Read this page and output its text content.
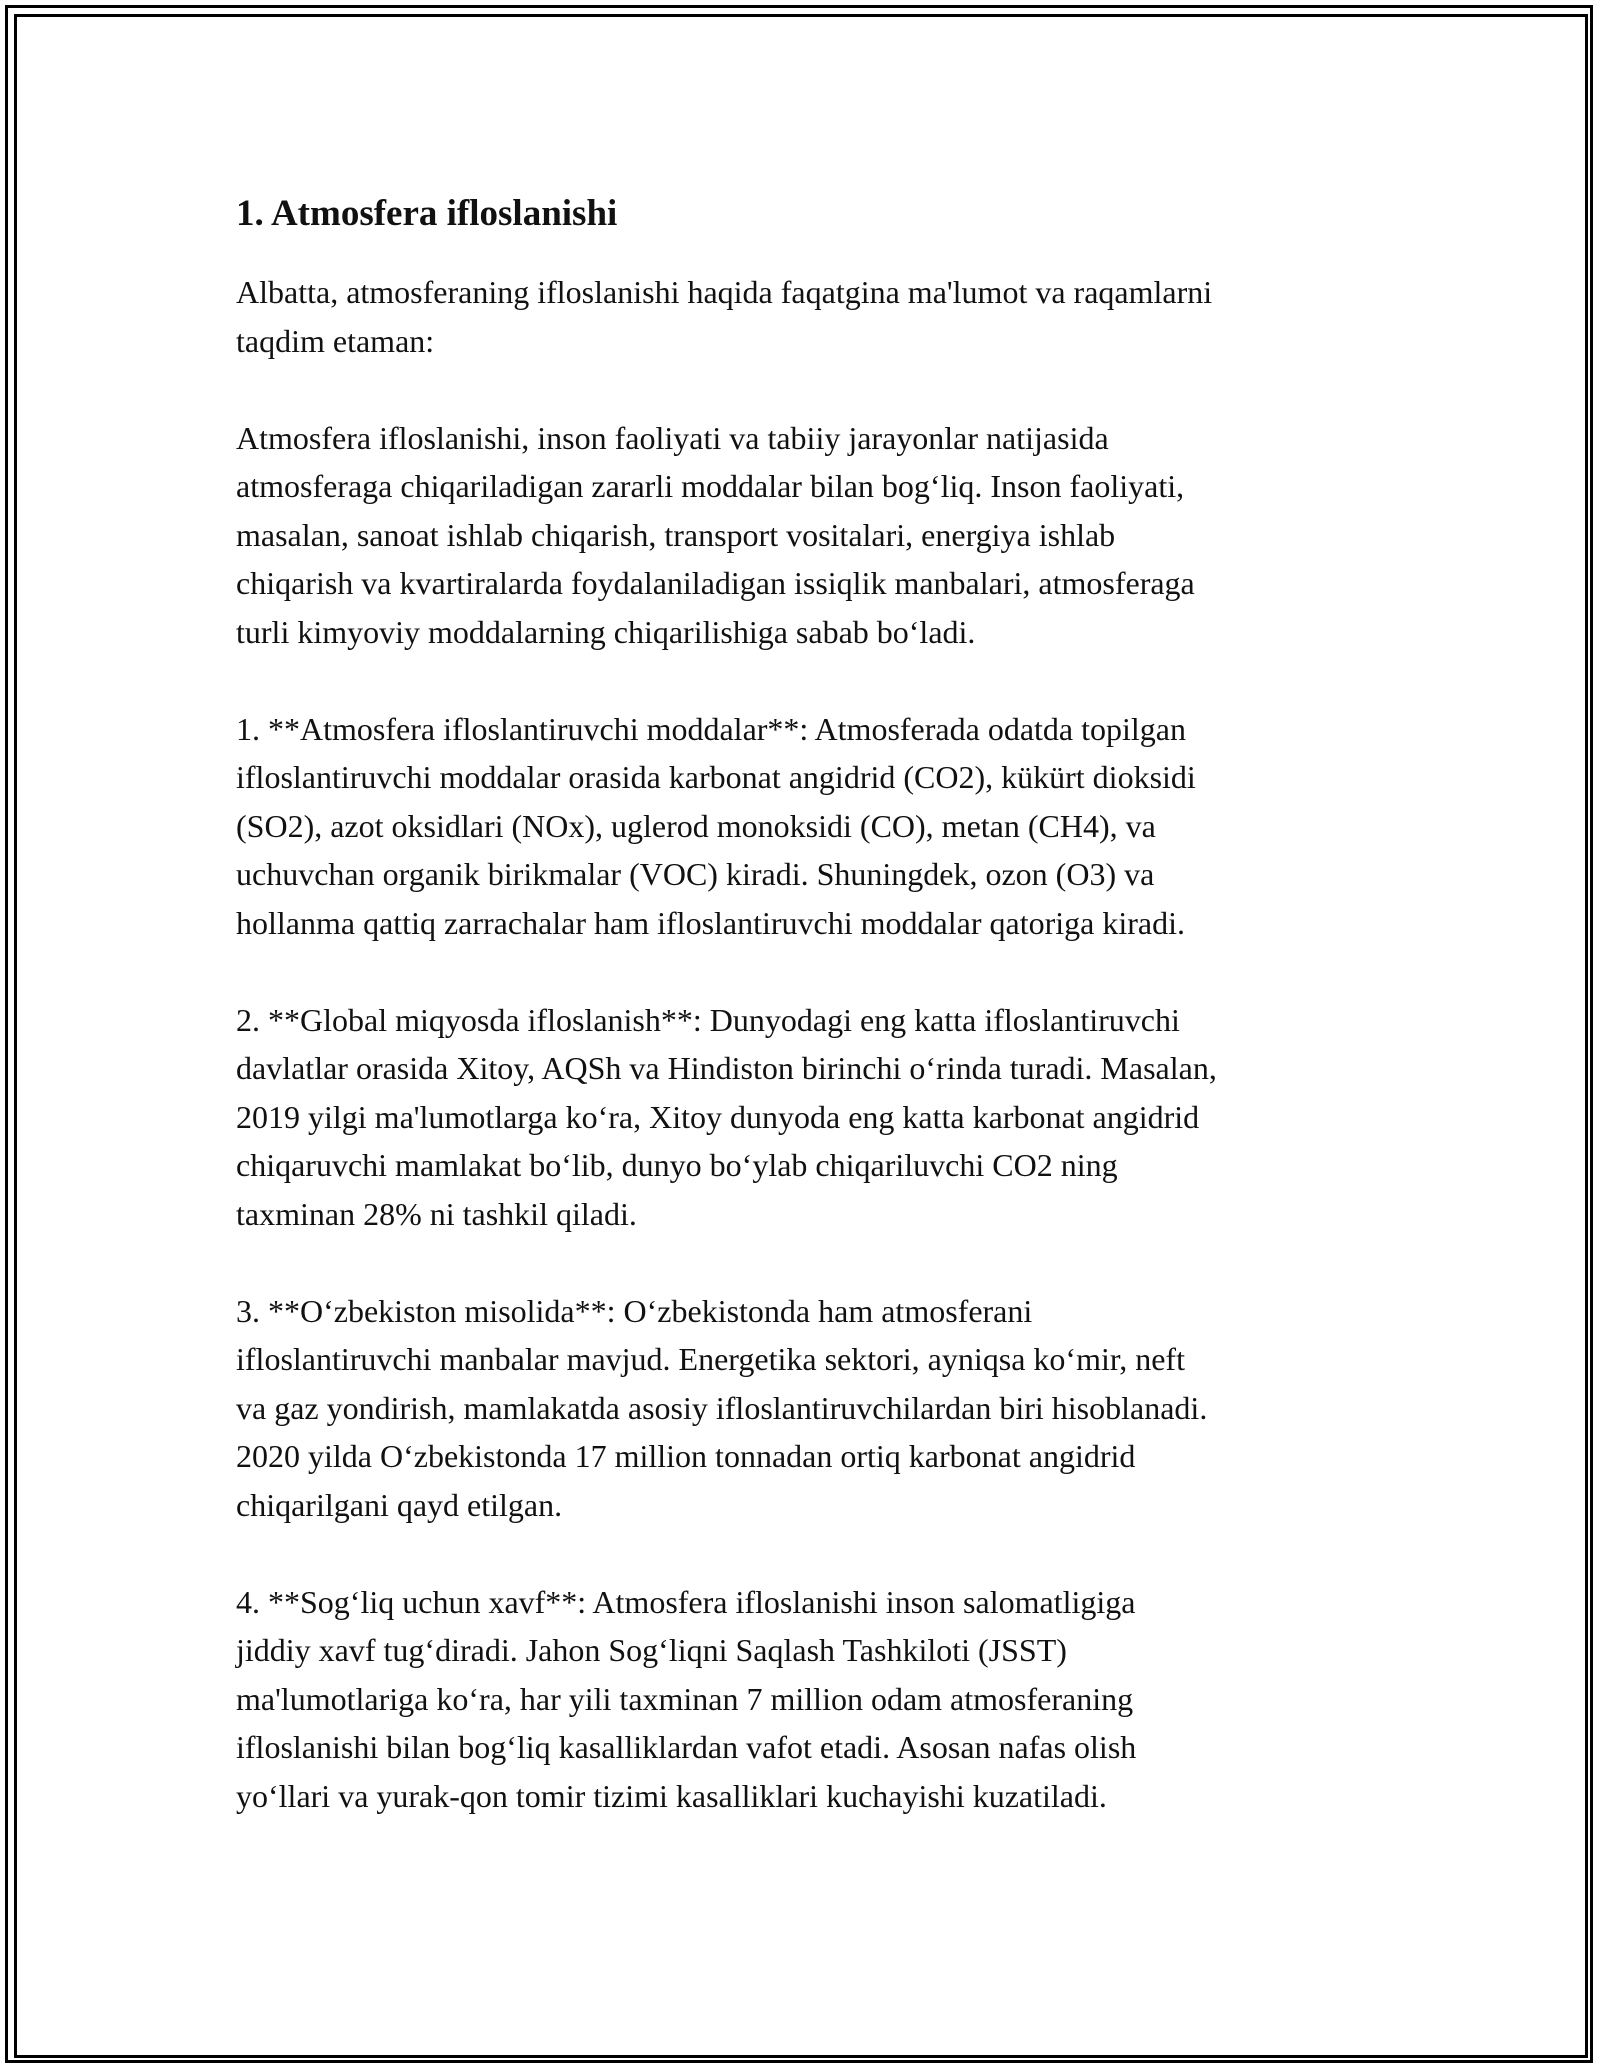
1. Atmosfera ifloslanishi

Albatta, atmosferaning ifloslanishi haqida faqatgina ma'lumot va raqamlarni
taqdim etaman:

Atmosfera ifloslanishi, inson faoliyati va tabiiy jarayonlar natijasida
atmosferaga chiqariladigan zararli moddalar bilan bog‘liq. Inson faoliyati,
masalan, sanoat ishlab chiqarish, transport vositalari, energiya ishlab
chiqarish va kvartiralarda foydalaniladigan issiqlik manbalari, atmosferaga
turli kimyoviy moddalarning chiqarilishiga sabab bo‘ladi.

1. **Atmosfera ifloslantiruvchi moddalar**: Atmosferada odatda topilgan
ifloslantiruvchi moddalar orasida karbonat angidrid (CO2), kükürt dioksidi
(SO2), azot oksidlari (NOx), uglerod monoksidi (CO), metan (CH4), va
uchuvchan organik birikmalar (VOC) kiradi. Shuningdek, ozon (O3) va
hollanma qattiq zarrachalar ham ifloslantiruvchi moddalar qatoriga kiradi.

2. **Global miqyosda ifloslanish**: Dunyodagi eng katta ifloslantiruvchi
davlatlar orasida Xitoy, AQSh va Hindiston birinchi o‘rinda turadi. Masalan,
2019 yilgi ma'lumotlarga ko‘ra, Xitoy dunyoda eng katta karbonat angidrid
chiqaruvchi mamlakat bo‘lib, dunyo bo‘ylab chiqariluvchi CO2 ning
taxminan 28% ni tashkil qiladi.

3. **O‘zbekiston misolida**: O‘zbekistonda ham atmosferani
ifloslantiruvchi manbalar mavjud. Energetika sektori, ayniqsa ko‘mir, neft
va gaz yondirish, mamlakatda asosiy ifloslantiruvchilardan biri hisoblanadi.
2020 yilda O‘zbekistonda 17 million tonnadan ortiq karbonat angidrid
chiqarilgani qayd etilgan.

4. **Sog‘liq uchun xavf**: Atmosfera ifloslanishi inson salomatligiga
jiddiy xavf tug‘diradi. Jahon Sog‘liqni Saqlash Tashkiloti (JSST)
ma'lumotlariga ko‘ra, har yili taxminan 7 million odam atmosferaning
ifloslanishi bilan bog‘liq kasalliklardan vafot etadi. Asosan nafas olish
yo‘llari va yurak-qon tomir tizimi kasalliklari kuchayishi kuzatiladi.
